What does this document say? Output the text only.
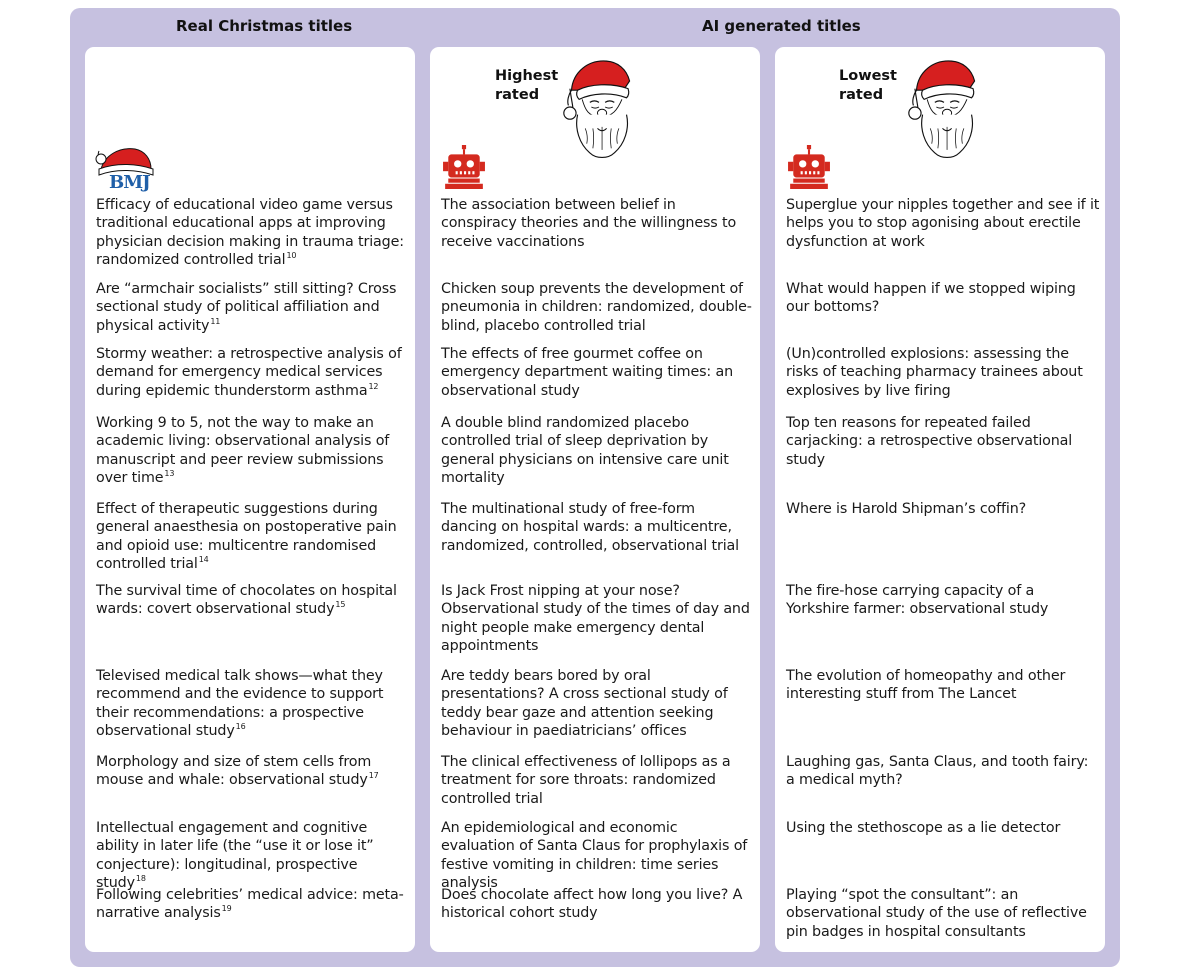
Real Christmas titles	AI generated titles
BMJ
Efficacy of educational video game versus traditional educational apps at improving physician decision making in trauma triage: randomized controlled trial$^{10}$
Are “armchair socialists” still sitting? Cross sectional study of political affiliation and physical activity$^{11}$
Stormy weather: a retrospective analysis of demand for emergency medical services during epidemic thunderstorm asthma$^{12}$
Working 9 to 5, not the way to make an academic living: observational analysis of manuscript and peer review submissions over time$^{13}$
Effect of therapeutic suggestions during general anaesthesia on postoperative pain and opioid use: multicentre randomised controlled trial$^{14}$
The survival time of chocolates on hospital wards: covert observational study$^{15}$
Televised medical talk shows—what they recommend and the evidence to support their recommendations: a prospective observational study$^{16}$
Morphology and size of stem cells from mouse and whale: observational study$^{17}$
Intellectual engagement and cognitive ability in later life (the “use it or lose it” conjecture): longitudinal, prospective study$^{18}$
Following celebrities’ medical advice: meta-narrative analysis$^{19}$
Highest
rated
The association between belief in conspiracy theories and the willingness to receive vaccinations
Chicken soup prevents the development of pneumonia in children: randomized, double-blind, placebo controlled trial
The effects of free gourmet coffee on emergency department waiting times: an observational study
A double blind randomized placebo controlled trial of sleep deprivation by general physicians on intensive care unit mortality
The multinational study of free-form dancing on hospital wards: a multicentre, randomized, controlled, observational trial
Is Jack Frost nipping at your nose? Observational study of the times of day and night people make emergency dental appointments
Are teddy bears bored by oral presentations? A cross sectional study of teddy bear gaze and attention seeking behaviour in paediatricians’ offices
The clinical effectiveness of lollipops as a treatment for sore throats: randomized controlled trial
An epidemiological and economic evaluation of Santa Claus for prophylaxis of festive vomiting in children: time series analysis
Does chocolate affect how long you live? A historical cohort study
Lowest
rated
Superglue your nipples together and see if it helps you to stop agonising about erectile dysfunction at work
What would happen if we stopped wiping our bottoms?
(Un)controlled explosions: assessing the risks of teaching pharmacy trainees about explosives by live firing
Top ten reasons for repeated failed carjacking: a retrospective observational study
Where is Harold Shipman’s coffin?
The fire-hose carrying capacity of a Yorkshire farmer: observational study
The evolution of homeopathy and other interesting stuff from The Lancet
Laughing gas, Santa Claus, and tooth fairy: a medical myth?
Using the stethoscope as a lie detector
Playing “spot the consultant”: an observational study of the use of reflective pin badges in hospital consultants
